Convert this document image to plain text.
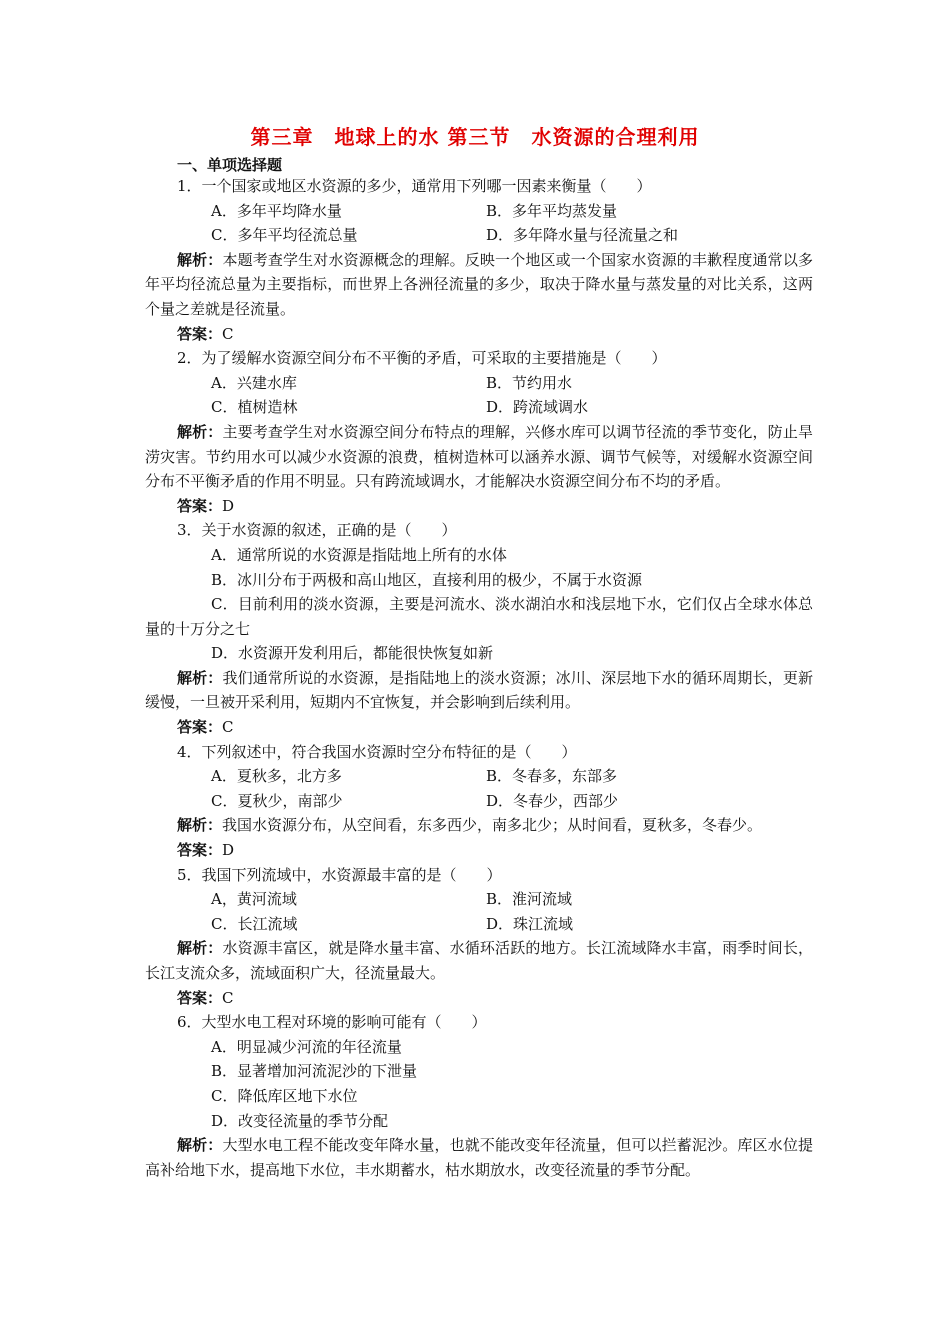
第三章　地球上的水 第三节　水资源的合理利用
一、单项选择题
1．一个国家或地区水资源的多少，通常用下列哪一因素来衡量（　　）
A．多年平均降水量	B．多年平均蒸发量
C．多年平均径流总量	D．多年降水量与径流量之和
解析：本题考查学生对水资源概念的理解。反映一个地区或一个国家水资源的丰歉程度通常以多年平均径流总量为主要指标，而世界上各洲径流量的多少，取决于降水量与蒸发量的对比关系，这两个量之差就是径流量。
答案：C
2．为了缓解水资源空间分布不平衡的矛盾，可采取的主要措施是（　　）
A．兴建水库	B．节约用水
C．植树造林	D．跨流域调水
解析：主要考查学生对水资源空间分布特点的理解，兴修水库可以调节径流的季节变化，防止旱涝灾害。节约用水可以减少水资源的浪费，植树造林可以涵养水源、调节气候等，对缓解水资源空间分布不平衡矛盾的作用不明显。只有跨流域调水，才能解决水资源空间分布不均的矛盾。
答案：D
3．关于水资源的叙述，正确的是（　　）
A．通常所说的水资源是指陆地上所有的水体
B．冰川分布于两极和高山地区，直接利用的极少，不属于水资源
C．目前利用的淡水资源，主要是河流水、淡水湖泊水和浅层地下水，它们仅占全球水体总量的十万分之七
D．水资源开发利用后，都能很快恢复如新
解析：我们通常所说的水资源，是指陆地上的淡水资源；冰川、深层地下水的循环周期长，更新缓慢，一旦被开采利用，短期内不宜恢复，并会影响到后续利用。
答案：C
4．下列叙述中，符合我国水资源时空分布特征的是（　　）
A．夏秋多，北方多	B．冬春多，东部多
C．夏秋少，南部少	D．冬春少，西部少
解析：我国水资源分布，从空间看，东多西少，南多北少；从时间看，夏秋多，冬春少。
答案：D
5．我国下列流域中，水资源最丰富的是（　　）
A，黄河流域	B．淮河流域
C．长江流域	D．珠江流域
解析：水资源丰富区，就是降水量丰富、水循环活跃的地方。长江流域降水丰富，雨季时间长，长江支流众多，流域面积广大，径流量最大。
答案：C
6．大型水电工程对环境的影响可能有（　　）
A．明显减少河流的年径流量
B．显著增加河流泥沙的下泄量
C．降低库区地下水位
D．改变径流量的季节分配
解析：大型水电工程不能改变年降水量，也就不能改变年径流量，但可以拦蓄泥沙。库区水位提高补给地下水，提高地下水位，丰水期蓄水，枯水期放水，改变径流量的季节分配。
